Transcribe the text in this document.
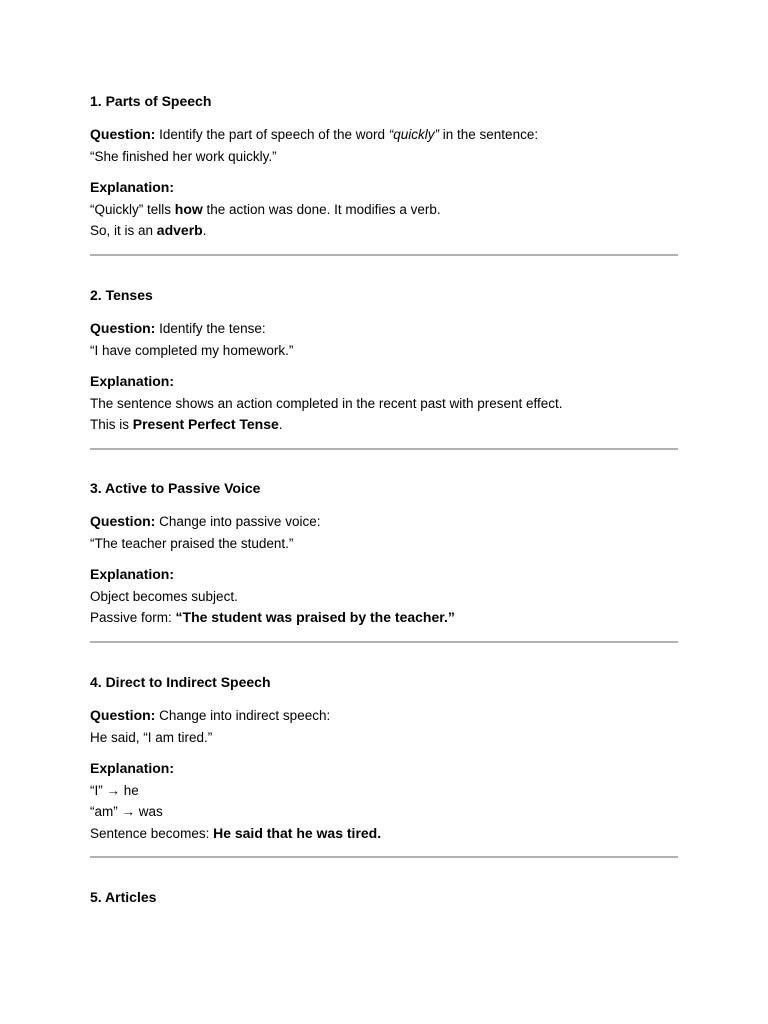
1. Parts of Speech
Question: Identify the part of speech of the word “quickly” in the sentence:
“She finished her work quickly.”
Explanation:
“Quickly” tells how the action was done. It modifies a verb.
So, it is an adverb.
2. Tenses
Question: Identify the tense:
“I have completed my homework.”
Explanation:
The sentence shows an action completed in the recent past with present effect.
This is Present Perfect Tense.
3. Active to Passive Voice
Question: Change into passive voice:
“The teacher praised the student.”
Explanation:
Object becomes subject.
Passive form: “The student was praised by the teacher.”
4. Direct to Indirect Speech
Question: Change into indirect speech:
He said, “I am tired.”
Explanation:
“I” → he
“am” → was
Sentence becomes: He said that he was tired.
5. Articles
